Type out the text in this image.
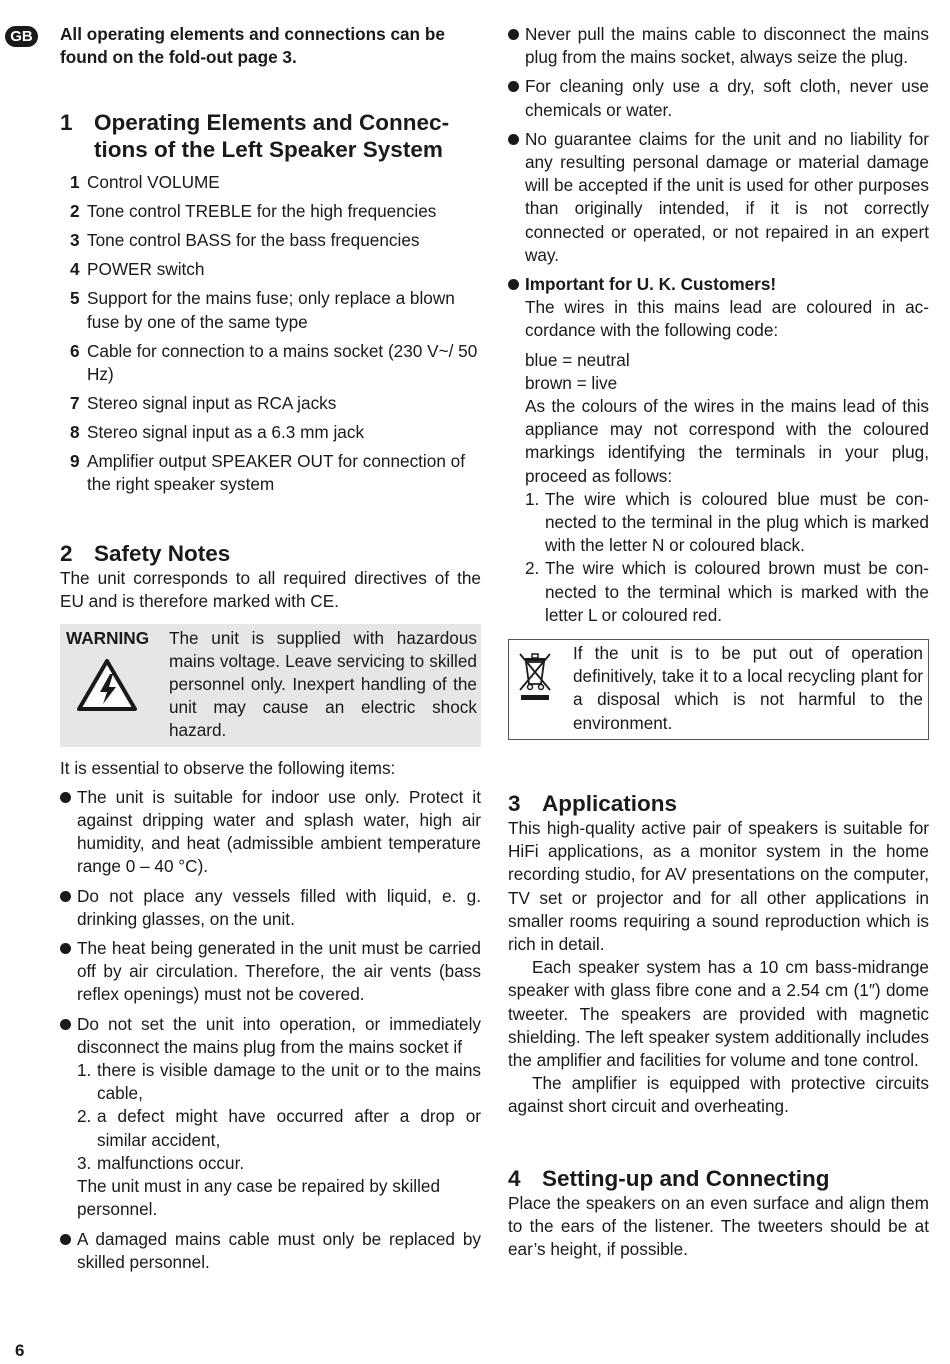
GB	All operating elements and connections can be found on the fold-out page 3.

1 Operating Elements and Connections of the Left Speaker System
1 Control VOLUME
2 Tone control TREBLE for the high frequencies
3 Tone control BASS for the bass frequencies
4 POWER switch
5 Support for the mains fuse; only replace a blown fuse by one of the same type
6 Cable for connection to a mains socket (230 V~/ 50 Hz)
7 Stereo signal input as RCA jacks
8 Stereo signal input as a 6.3 mm jack
9 Amplifier output SPEAKER OUT for connection of the right speaker system
2 Safety Notes

The unit corresponds to all required directives of the EU and is therefore marked with CE.

WARNING	The unit is supplied with hazardous mains voltage. Leave servicing to skilled personnel only. Inexpert handling of the unit may cause an electric shock hazard.

It is essential to observe the following items:

The unit is suitable for indoor use only. Protect it against dripping water and splash water, high air humidity, and heat (admissible ambient temperature range 0 – 40 °C).
Do not place any vessels filled with liquid, e. g. drinking glasses, on the unit.
The heat being generated in the unit must be carried off by air circulation. Therefore, the air vents (bass reflex openings) must not be covered.

Do not set the unit into operation, or immediately disconnect the mains plug from the mains socket if

1. there is visible damage to the unit or to the mains cable,
2. a defect might have occurred after a drop or similar accident,
3. malfunctions occur.

The unit must in any case be repaired by skilled personnel.

A damaged mains cable must only be replaced by skilled personnel.
Never pull the mains cable to disconnect the mains plug from the mains socket, always seize the plug.
For cleaning only use a dry, soft cloth, never use chemicals or water.
No guarantee claims for the unit and no liability for any resulting personal damage or material damage will be accepted if the unit is used for other purposes than originally intended, if it is not correctly connected or operated, or not repaired in an expert way.

Important for U. K. Customers!

The wires in this mains lead are coloured in accordance with the following code:

blue = neutral

brown = live

As the colours of the wires in the mains lead of this appliance may not correspond with the coloured markings identifying the terminals in your plug, proceed as follows:

1. The wire which is coloured blue must be connected to the terminal in the plug which is marked with the letter N or coloured black.
2. The wire which is coloured brown must be connected to the terminal which is marked with the letter L or coloured red.
If the unit is to be put out of operation definitively, take it to a local recycling plant for a disposal which is not harmful to the environment.
3 Applications

This high-quality active pair of speakers is suitable for HiFi applications, as a monitor system in the home recording studio, for AV presentations on the computer, TV set or projector and for all other applications in smaller rooms requiring a sound reproduction which is rich in detail.

Each speaker system has a 10 cm bass-midrange speaker with glass fibre cone and a 2.54 cm (1″) dome tweeter. The speakers are provided with magnetic shielding. The left speaker system additionally includes the amplifier and facilities for volume and tone control.

The amplifier is equipped with protective circuits against short circuit and overheating.

4 Setting-up and Connecting

Place the speakers on an even surface and align them to the ears of the listener. The tweeters should be at ear’s height, if possible.

6
